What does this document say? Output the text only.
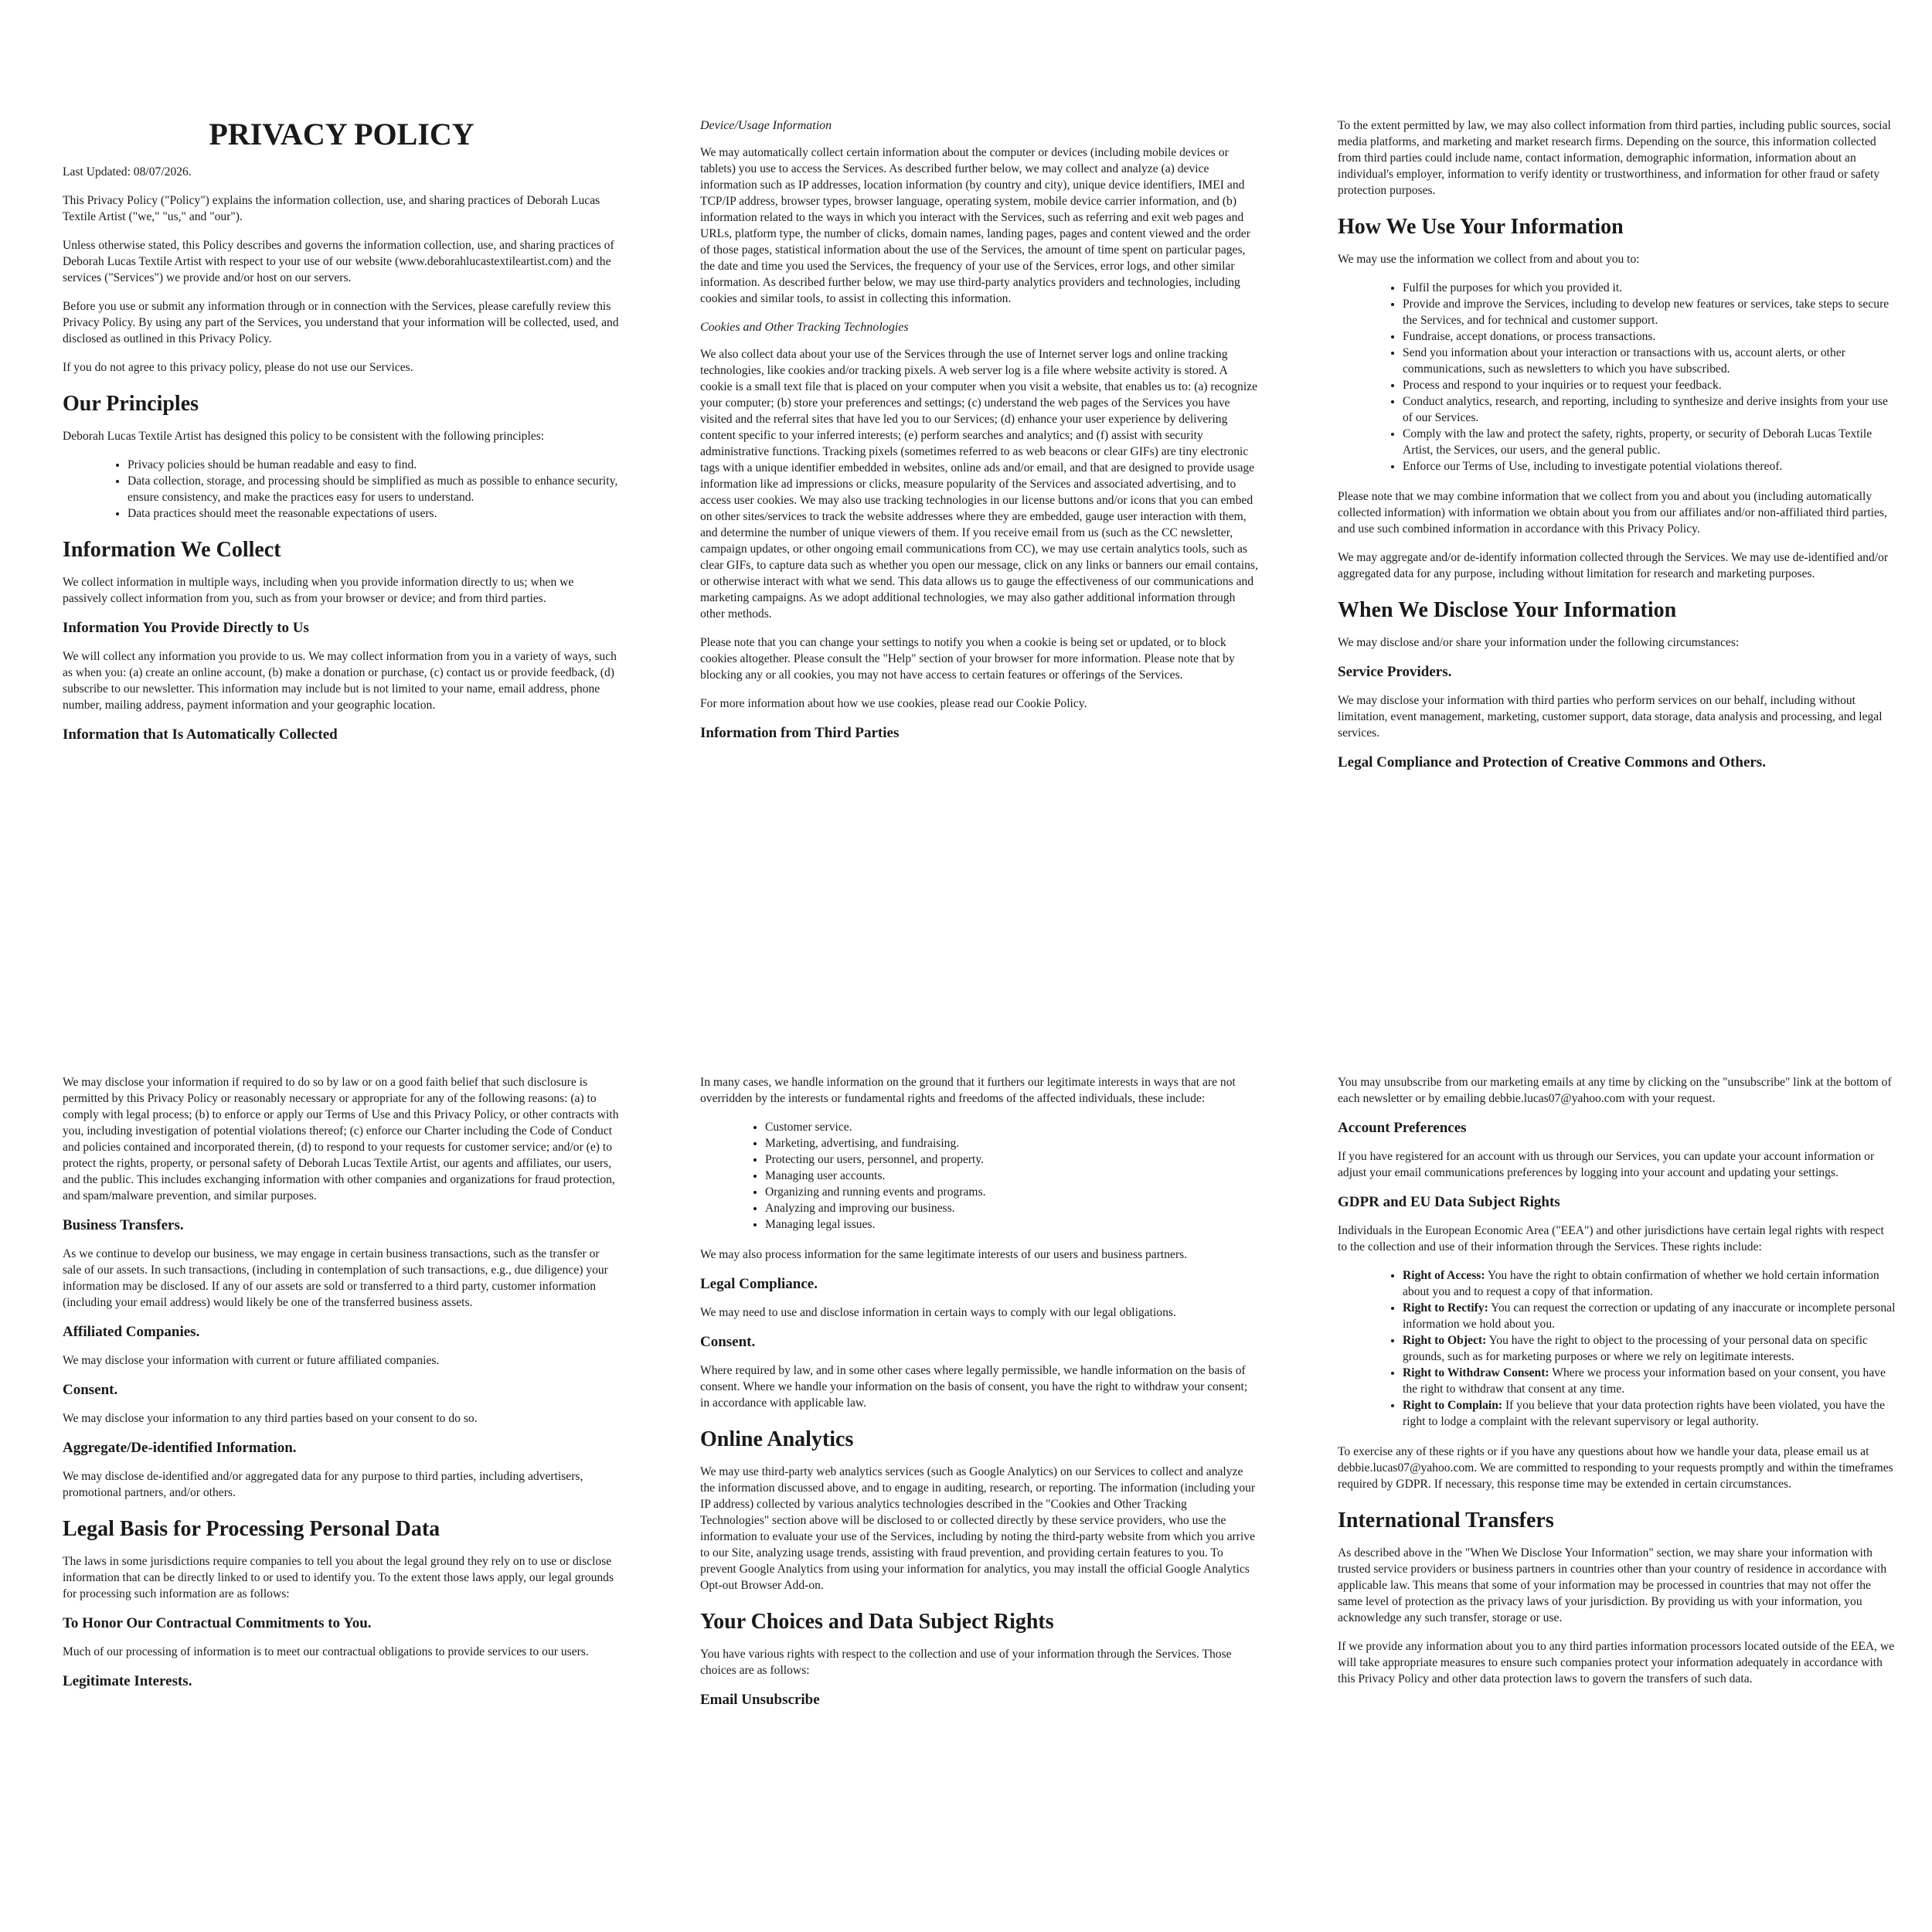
PRIVACY POLICY

Last Updated: 08/07/2026.

This Privacy Policy ("Policy") explains the information collection, use, and sharing practices of Deborah Lucas Textile Artist ("we," "us," and "our").

Unless otherwise stated, this Policy describes and governs the information collection, use, and sharing practices of Deborah Lucas Textile Artist with respect to your use of our website (www.deborahlucastextileartist.com) and the services ("Services") we provide and/or host on our servers.

Before you use or submit any information through or in connection with the Services, please carefully review this Privacy Policy. By using any part of the Services, you understand that your information will be collected, used, and disclosed as outlined in this Privacy Policy.

If you do not agree to this privacy policy, please do not use our Services.

Our Principles

Deborah Lucas Textile Artist has designed this policy to be consistent with the following principles:

• Privacy policies should be human readable and easy to find.
• Data collection, storage, and processing should be simplified as much as possible to enhance security, ensure consistency, and make the practices easy for users to understand.
• Data practices should meet the reasonable expectations of users.
Information We Collect

We collect information in multiple ways, including when you provide information directly to us; when we passively collect information from you, such as from your browser or device; and from third parties.

Information You Provide Directly to Us

We will collect any information you provide to us. We may collect information from you in a variety of ways, such as when you: (a) create an online account, (b) make a donation or purchase, (c) contact us or provide feedback, (d) subscribe to our newsletter. This information may include but is not limited to your name, email address, phone number, mailing address, payment information and your geographic location.

Information that Is Automatically Collected
Device/Usage Information

We may automatically collect certain information about the computer or devices (including mobile devices or tablets) you use to access the Services. As described further below, we may collect and analyze (a) device information such as IP addresses, location information (by country and city), unique device identifiers, IMEI and TCP/IP address, browser types, browser language, operating system, mobile device carrier information, and (b) information related to the ways in which you interact with the Services, such as referring and exit web pages and URLs, platform type, the number of clicks, domain names, landing pages, pages and content viewed and the order of those pages, statistical information about the use of the Services, the amount of time spent on particular pages, the date and time you used the Services, the frequency of your use of the Services, error logs, and other similar information. As described further below, we may use third-party analytics providers and technologies, including cookies and similar tools, to assist in collecting this information.

Cookies and Other Tracking Technologies

We also collect data about your use of the Services through the use of Internet server logs and online tracking technologies, like cookies and/or tracking pixels. A web server log is a file where website activity is stored. A cookie is a small text file that is placed on your computer when you visit a website, that enables us to: (a) recognize your computer; (b) store your preferences and settings; (c) understand the web pages of the Services you have visited and the referral sites that have led you to our Services; (d) enhance your user experience by delivering content specific to your inferred interests; (e) perform searches and analytics; and (f) assist with security administrative functions. Tracking pixels (sometimes referred to as web beacons or clear GIFs) are tiny electronic tags with a unique identifier embedded in websites, online ads and/or email, and that are designed to provide usage information like ad impressions or clicks, measure popularity of the Services and associated advertising, and to access user cookies. We may also use tracking technologies in our license buttons and/or icons that you can embed on other sites/services to track the website addresses where they are embedded, gauge user interaction with them, and determine the number of unique viewers of them. If you receive email from us (such as the CC newsletter, campaign updates, or other ongoing email communications from CC), we may use certain analytics tools, such as clear GIFs, to capture data such as whether you open our message, click on any links or banners our email contains, or otherwise interact with what we send. This data allows us to gauge the effectiveness of our communications and marketing campaigns. As we adopt additional technologies, we may also gather additional information through other methods.

Please note that you can change your settings to notify you when a cookie is being set or updated, or to block cookies altogether. Please consult the "Help" section of your browser for more information. Please note that by blocking any or all cookies, you may not have access to certain features or offerings of the Services.

For more information about how we use cookies, please read our Cookie Policy.

Information from Third Parties

To the extent permitted by law, we may also collect information from third parties, including public sources, social media platforms, and marketing and market research firms. Depending on the source, this information collected from third parties could include name, contact information, demographic information, information about an individual's employer, information to verify identity or trustworthiness, and information for other fraud or safety protection purposes.

How We Use Your Information

We may use the information we collect from and about you to:

• Fulfil the purposes for which you provided it.
• Provide and improve the Services, including to develop new features or services, take steps to secure the Services, and for technical and customer support.
• Fundraise, accept donations, or process transactions.
• Send you information about your interaction or transactions with us, account alerts, or other communications, such as newsletters to which you have subscribed.
• Process and respond to your inquiries or to request your feedback.
• Conduct analytics, research, and reporting, including to synthesize and derive insights from your use of our Services.
• Comply with the law and protect the safety, rights, property, or security of Deborah Lucas Textile Artist, the Services, our users, and the general public.
• Enforce our Terms of Use, including to investigate potential violations thereof.

Please note that we may combine information that we collect from you and about you (including automatically collected information) with information we obtain about you from our affiliates and/or non-affiliated third parties, and use such combined information in accordance with this Privacy Policy.

We may aggregate and/or de-identify information collected through the Services. We may use de-identified and/or aggregated data for any purpose, including without limitation for research and marketing purposes.

When We Disclose Your Information

We may disclose and/or share your information under the following circumstances:

Service Providers.

We may disclose your information with third parties who perform services on our behalf, including without limitation, event management, marketing, customer support, data storage, data analysis and processing, and legal services.

Legal Compliance and Protection of Creative Commons and Others.

We may disclose your information if required to do so by law or on a good faith belief that such disclosure is permitted by this Privacy Policy or reasonably necessary or appropriate for any of the following reasons: (a) to comply with legal process; (b) to enforce or apply our Terms of Use and this Privacy Policy, or other contracts with you, including investigation of potential violations thereof; (c) enforce our Charter including the Code of Conduct and policies contained and incorporated therein, (d) to respond to your requests for customer service; and/or (e) to protect the rights, property, or personal safety of Deborah Lucas Textile Artist, our agents and affiliates, our users, and the public. This includes exchanging information with other companies and organizations for fraud protection, and spam/malware prevention, and similar purposes.

Business Transfers.

As we continue to develop our business, we may engage in certain business transactions, such as the transfer or sale of our assets. In such transactions, (including in contemplation of such transactions, e.g., due diligence) your information may be disclosed. If any of our assets are sold or transferred to a third party, customer information (including your email address) would likely be one of the transferred business assets.

Affiliated Companies.

We may disclose your information with current or future affiliated companies.

Consent.

We may disclose your information to any third parties based on your consent to do so.

Aggregate/De-identified Information.

We may disclose de-identified and/or aggregated data for any purpose to third parties, including advertisers, promotional partners, and/or others.

Legal Basis for Processing Personal Data

The laws in some jurisdictions require companies to tell you about the legal ground they rely on to use or disclose information that can be directly linked to or used to identify you. To the extent those laws apply, our legal grounds for processing such information are as follows:

To Honor Our Contractual Commitments to You.

Much of our processing of information is to meet our contractual obligations to provide services to our users.

Legitimate Interests.

In many cases, we handle information on the ground that it furthers our legitimate interests in ways that are not overridden by the interests or fundamental rights and freedoms of the affected individuals, these include:

• Customer service.
• Marketing, advertising, and fundraising.
• Protecting our users, personnel, and property.
• Managing user accounts.
• Organizing and running events and programs.
• Analyzing and improving our business.
• Managing legal issues.

We may also process information for the same legitimate interests of our users and business partners.

Legal Compliance.

We may need to use and disclose information in certain ways to comply with our legal obligations.

Consent.

Where required by law, and in some other cases where legally permissible, we handle information on the basis of consent. Where we handle your information on the basis of consent, you have the right to withdraw your consent; in accordance with applicable law.

Online Analytics

We may use third-party web analytics services (such as Google Analytics) on our Services to collect and analyze the information discussed above, and to engage in auditing, research, or reporting. The information (including your IP address) collected by various analytics technologies described in the "Cookies and Other Tracking Technologies" section above will be disclosed to or collected directly by these service providers, who use the information to evaluate your use of the Services, including by noting the third-party website from which you arrive to our Site, analyzing usage trends, assisting with fraud prevention, and providing certain features to you. To prevent Google Analytics from using your information for analytics, you may install the official Google Analytics Opt-out Browser Add-on.

Your Choices and Data Subject Rights

You have various rights with respect to the collection and use of your information through the Services. Those choices are as follows:

Email Unsubscribe

You may unsubscribe from our marketing emails at any time by clicking on the "unsubscribe" link at the bottom of each newsletter or by emailing debbie.lucas07@yahoo.com with your request.

Account Preferences

If you have registered for an account with us through our Services, you can update your account information or adjust your email communications preferences by logging into your account and updating your settings.

GDPR and EU Data Subject Rights

Individuals in the European Economic Area ("EEA") and other jurisdictions have certain legal rights with respect to the collection and use of their information through the Services. These rights include:

• Right of Access: You have the right to obtain confirmation of whether we hold certain information about you and to request a copy of that information.
• Right to Rectify: You can request the correction or updating of any inaccurate or incomplete personal information we hold about you.
• Right to Object: You have the right to object to the processing of your personal data on specific grounds, such as for marketing purposes or where we rely on legitimate interests.
• Right to Withdraw Consent: Where we process your information based on your consent, you have the right to withdraw that consent at any time.
• Right to Complain: If you believe that your data protection rights have been violated, you have the right to lodge a complaint with the relevant supervisory or legal authority.

To exercise any of these rights or if you have any questions about how we handle your data, please email us at debbie.lucas07@yahoo.com. We are committed to responding to your requests promptly and within the timeframes required by GDPR. If necessary, this response time may be extended in certain circumstances.

International Transfers

As described above in the "When We Disclose Your Information" section, we may share your information with trusted service providers or business partners in countries other than your country of residence in accordance with applicable law. This means that some of your information may be processed in countries that may not offer the same level of protection as the privacy laws of your jurisdiction. By providing us with your information, you acknowledge any such transfer, storage or use.

If we provide any information about you to any third parties information processors located outside of the EEA, we will take appropriate measures to ensure such companies protect your information adequately in accordance with this Privacy Policy and other data protection laws to govern the transfers of such data.
